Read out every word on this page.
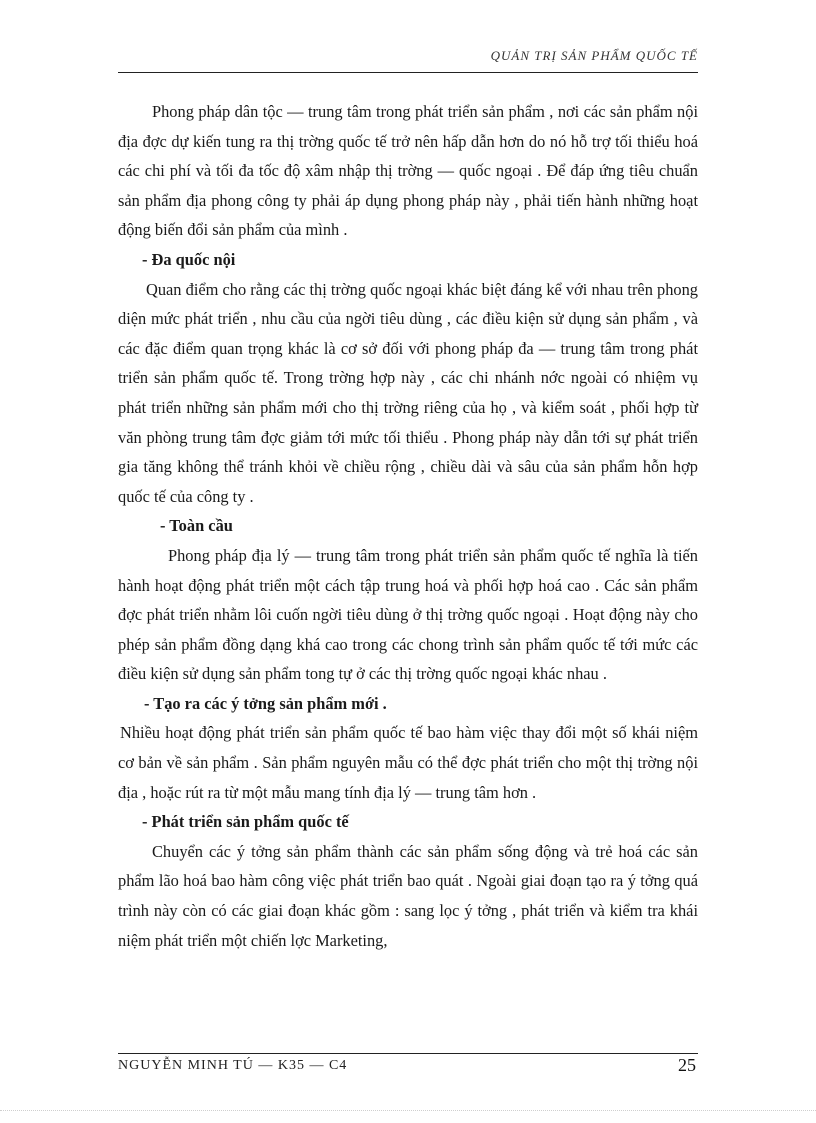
QUẢN TRỊ SẢN PHẨM QUỐC TẾ

Phong pháp dân tộc — trung tâm trong phát triển sản phẩm , nơi các sản phẩm nội địa đợc dự kiến tung ra thị trờng quốc tế trở nên hấp dẫn hơn do nó hỗ trợ tối thiểu hoá các chi phí và tối đa tốc độ xâm nhập thị trờng — quốc ngoại . Để đáp ứng tiêu chuẩn sản phẩm địa phong công ty phải áp dụng phong pháp này , phải tiến hành những hoạt động biến đổi sản phẩm của mình .

- Đa quốc nội

Quan điểm cho rằng các thị trờng quốc ngoại khác biệt đáng kể với nhau trên phong diện mức phát triển , nhu cầu của ngời tiêu dùng , các điều kiện sử dụng sản phẩm , và các đặc điểm quan trọng khác là cơ sở đối với phong pháp đa — trung tâm trong phát triển sản phẩm quốc tế. Trong trờng hợp này , các chi nhánh nớc ngoài có nhiệm vụ phát triển những sản phẩm mới cho thị trờng riêng của họ , và kiểm soát , phối hợp từ văn phòng trung tâm đợc giảm tới mức tối thiểu . Phong pháp này dẫn tới sự phát triển gia tăng không thể tránh khỏi về chiều rộng , chiều dài và sâu của sản phẩm hỗn hợp quốc tế của công ty .

- Toàn cầu

Phong pháp địa lý — trung tâm trong phát triển sản phẩm quốc tế nghĩa là tiến hành hoạt động phát triển một cách tập trung hoá và phối hợp hoá cao . Các sản phẩm đợc phát triển nhằm lôi cuốn ngời tiêu dùng ở thị trờng quốc ngoại . Hoạt động này cho phép sản phẩm đồng dạng khá cao trong các chong trình sản phẩm quốc tế tới mức các điều kiện sử dụng sản phẩm tong tự ở các thị trờng quốc ngoại khác nhau .

- Tạo ra các ý tởng sản phẩm mới .

Nhiều hoạt động phát triển sản phẩm quốc tế bao hàm việc thay đổi một số khái niệm cơ bản về sản phẩm . Sản phẩm nguyên mẫu có thể đợc phát triển cho một thị trờng nội địa , hoặc rút ra từ một mẫu mang tính địa lý — trung tâm hơn .

- Phát triển sản phẩm quốc tế

Chuyển các ý tởng sản phẩm thành các sản phẩm sống động và trẻ hoá các sản phẩm lão hoá bao hàm công việc phát triển bao quát . Ngoài giai đoạn tạo ra ý tởng quá trình này còn có các giai đoạn khác gồm : sang lọc ý tởng , phát triển và kiểm tra khái niệm phát triển một chiến lợc Marketing,

NGUYỄN MINH TÚ — K35 — C4	25
